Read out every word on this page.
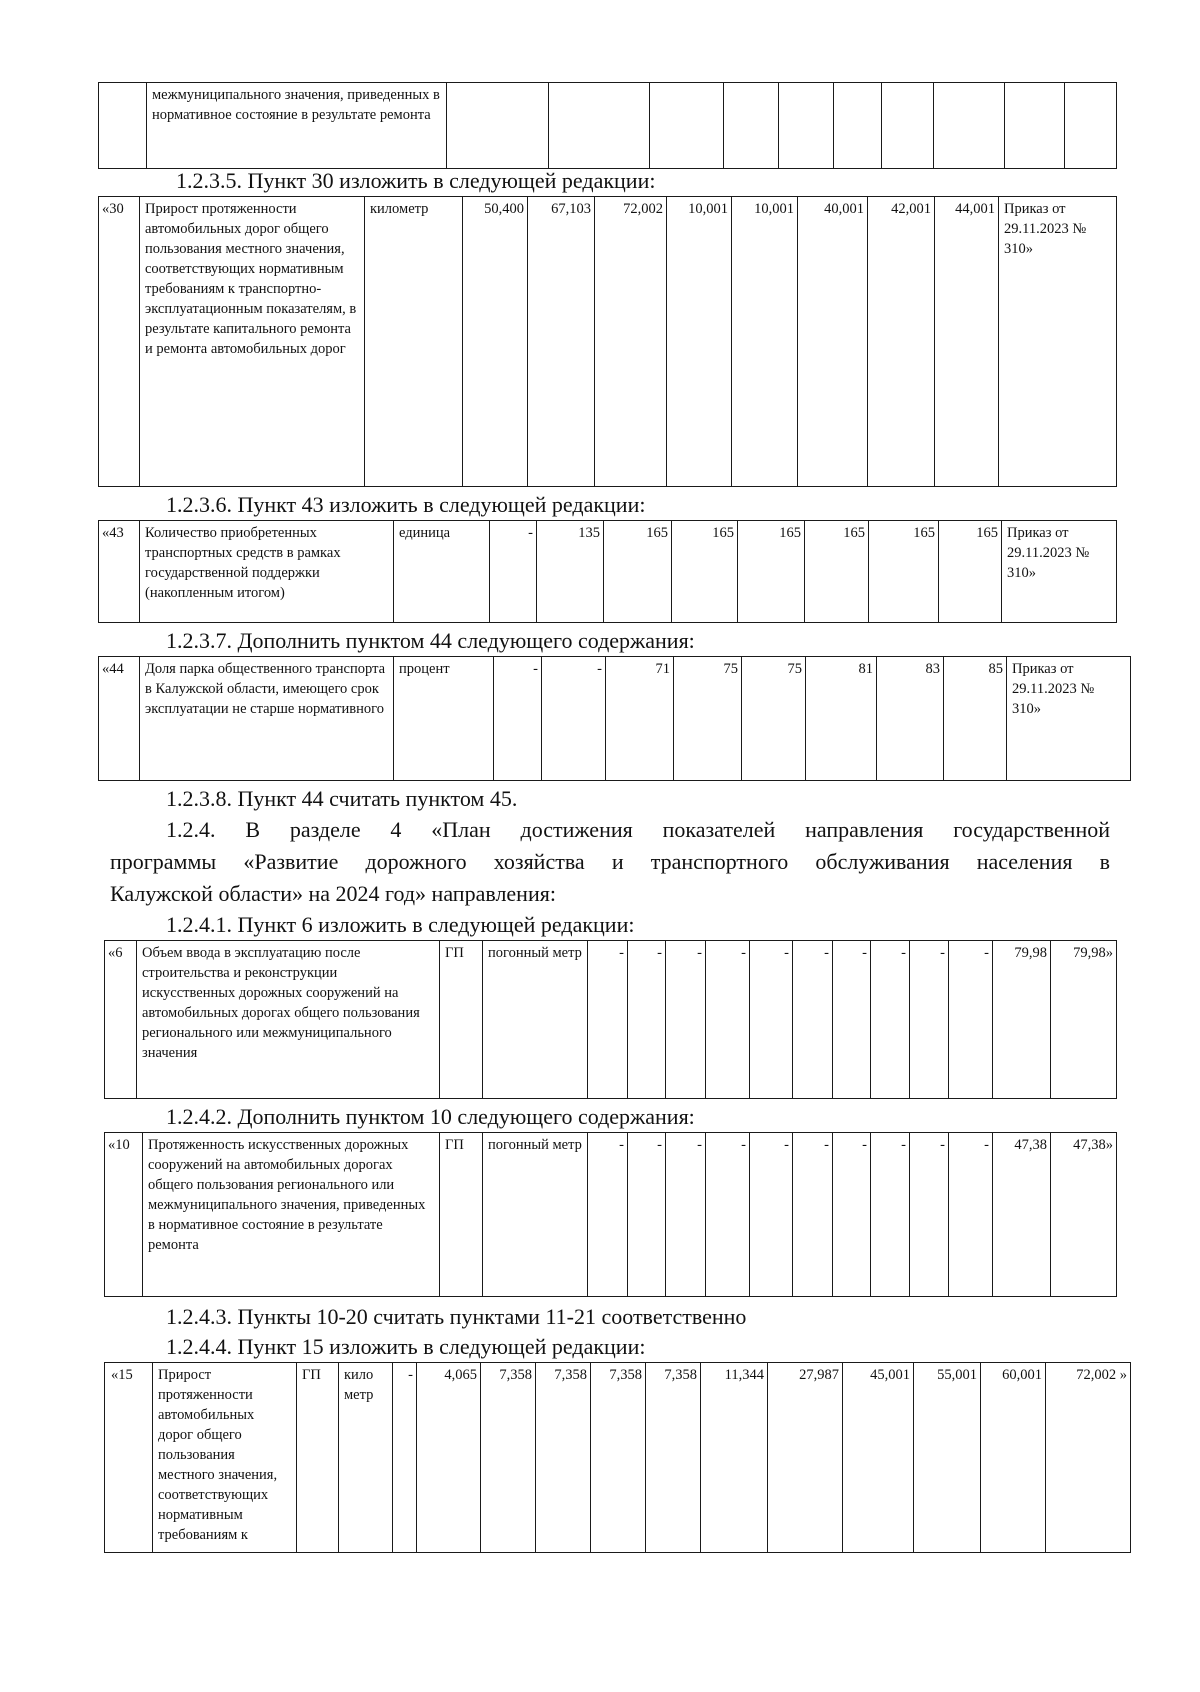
	межмуниципального значения, приведенных в нормативное состояние в результате ремонта										
1.2.3.5. Пункт 30 изложить в следующей редакции:
«30	Прирост протяженности автомобильных дорог общего пользования местного значения, соответствующих нормативным требованиям к транспортно-эксплуатационным показателям, в результате капитального ремонта и ремонта автомобильных дорог	километр	50,400	67,103	72,002	10,001	10,001	40,001	42,001	44,001	Приказ от 29.11.2023 № 310»
1.2.3.6. Пункт 43 изложить в следующей редакции:
«43	Количество приобретенных транспортных средств в рамках государственной поддержки (накопленным итогом)	единица	-	135	165	165	165	165	165	165	Приказ от 29.11.2023 № 310»
1.2.3.7. Дополнить пунктом 44 следующего содержания:
«44	Доля парка общественного транспорта в Калужской области, имеющего срок эксплуатации не старше нормативного	процент	-	-	71	75	75	81	83	85	Приказ от 29.11.2023 № 310»
1.2.3.8. Пункт 44 считать пунктом 45.
1.2.4. В разделе 4 «План достижения показателей направления государственной
программы «Развитие дорожного хозяйства и транспортного обслуживания населения в
Калужской области» на 2024 год» направления:
1.2.4.1. Пункт 6 изложить в следующей редакции:
«6	Объем ввода в эксплуатацию после строительства и реконструкции искусственных дорожных сооружений на автомобильных дорогах общего пользования регионального или межмуниципального значения	ГП	погонный метр	-	-	-	-	-	-	-	-	-	-	79,98	79,98»
1.2.4.2. Дополнить пунктом 10 следующего содержания:
«10	Протяженность искусственных дорожных сооружений на автомобильных дорогах общего пользования регионального или межмуниципального значения, приведенных в нормативное состояние в результате ремонта	ГП	погонный метр	-	-	-	-	-	-	-	-	-	-	47,38	47,38»
1.2.4.3. Пункты 10-20 считать пунктами 11-21 соответственно
1.2.4.4. Пункт 15 изложить в следующей редакции:
«15	Прирост протяженности автомобильных дорог общего пользования местного значения, соответствующих нормативным требованиям к	ГП	кило метр	-	4,065	7,358	7,358	7,358	7,358	11,344	27,987	45,001	55,001	60,001	72,002 »
